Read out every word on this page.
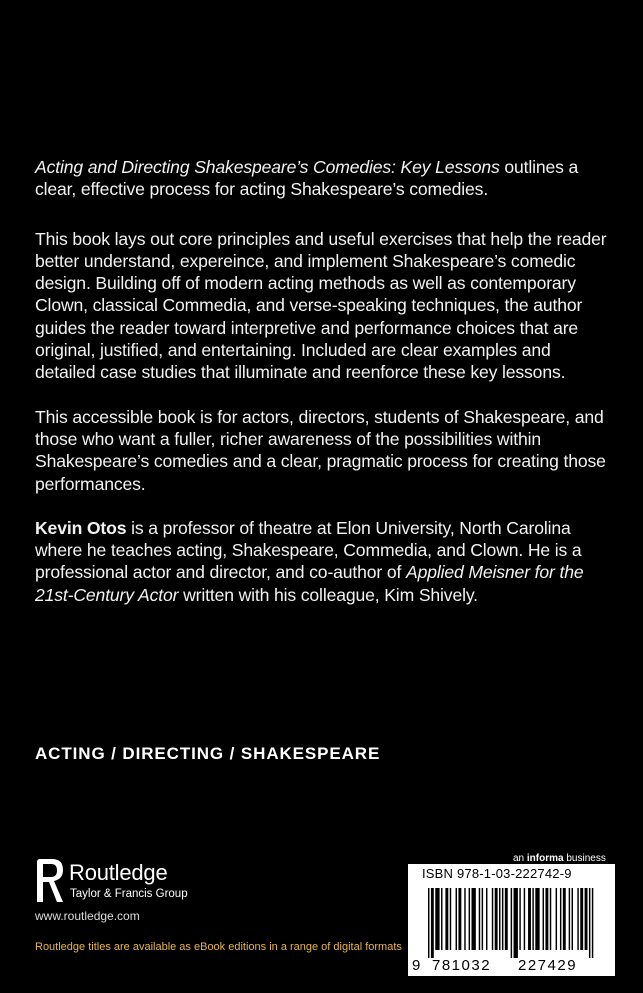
Acting and Directing Shakespeare’s Comedies: Key Lessons outlines a clear, effective process for acting Shakespeare’s comedies.

This book lays out core principles and useful exercises that help the reader better understand, expereince, and implement Shakespeare’s comedic design. Building off of modern acting methods as well as contemporary Clown, classical Commedia, and verse-speaking techniques, the author guides the reader toward interpretive and performance choices that are original, justified, and entertaining. Included are clear examples and detailed case studies that illuminate and reenforce these key lessons.

This accessible book is for actors, directors, students of Shakespeare, and those who want a fuller, richer awareness of the possibilities within Shakespeare’s comedies and a clear, pragmatic process for creating those performances.

Kevin Otos is a professor of theatre at Elon University, North Carolina where he teaches acting, Shakespeare, Commedia, and Clown. He is a professional actor and director, and co-author of Applied Meisner for the 21st-Century Actor written with his colleague, Kim Shively.

ACTING / DIRECTING / SHAKESPEARE
Routledge
Taylor & Francis Group
www.routledge.com
Routledge titles are available as eBook editions in a range of digital formats
an informa business
ISBN 978-1-03-222742-9
9 781032 227429
